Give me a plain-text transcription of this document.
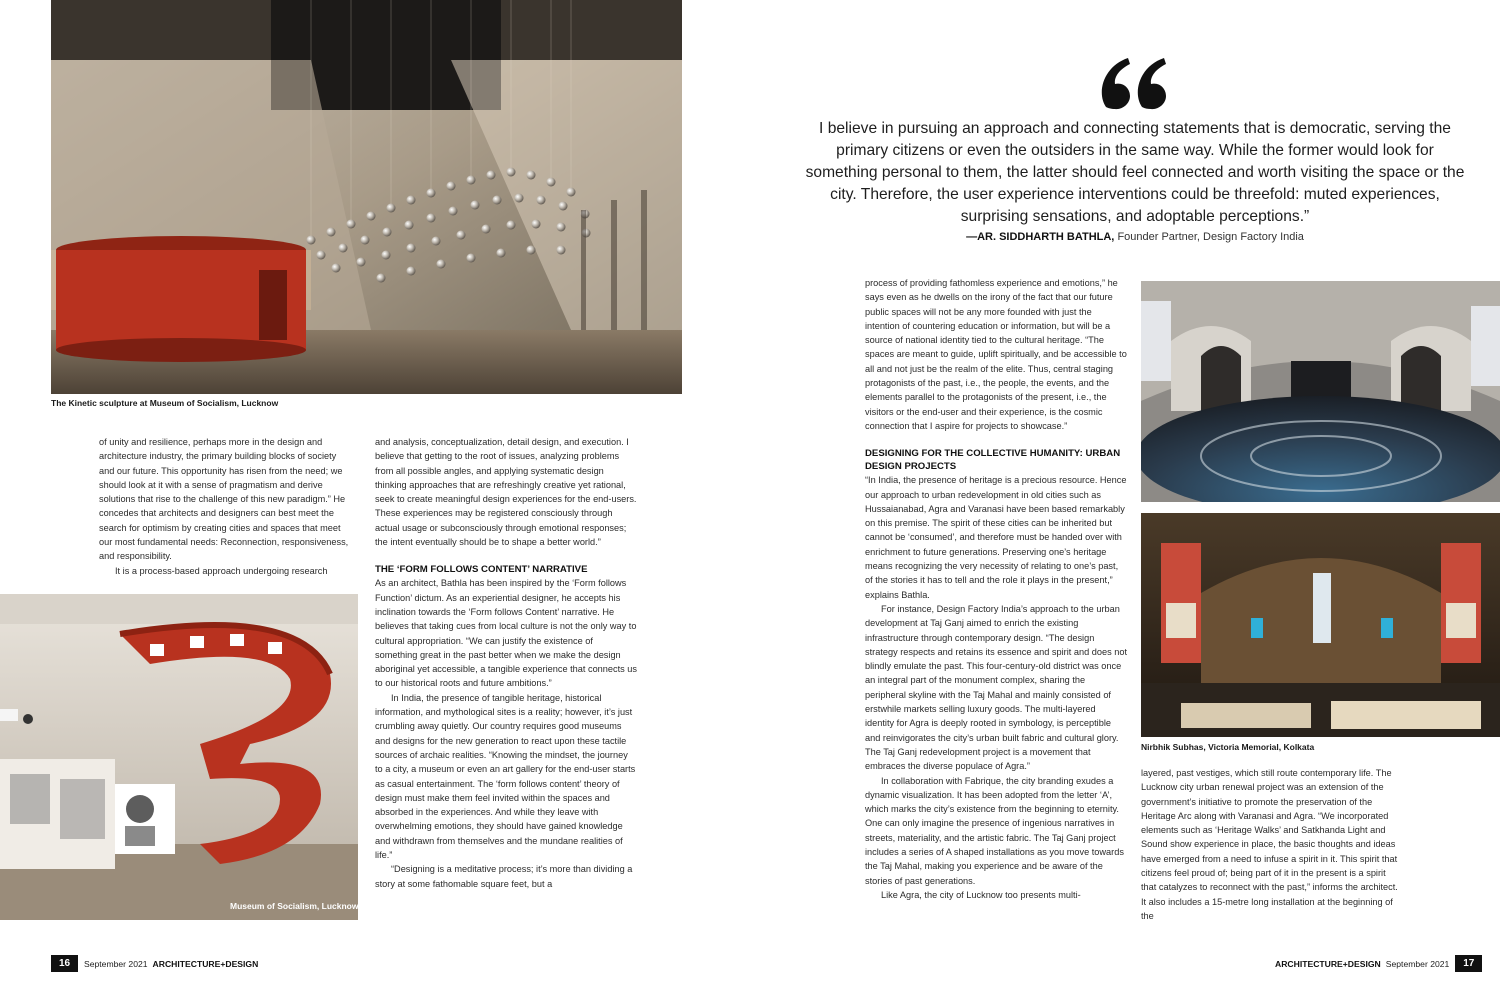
The Kinetic sculpture at Museum of Socialism, Lucknow

of unity and resilience, perhaps more in the design and architecture industry, the primary building blocks of society and our future. This opportunity has risen from the need; we should look at it with a sense of pragmatism and derive solutions that rise to the challenge of this new paradigm.” He concedes that architects and designers can best meet the search for optimism by creating cities and spaces that meet our most fundamental needs: Reconnection, responsiveness, and responsibility.

It is a process-based approach undergoing research

Museum of Socialism, Lucknow

and analysis, conceptualization, detail design, and execution. I believe that getting to the root of issues, analyzing problems from all possible angles, and applying systematic design thinking approaches that are refreshingly creative yet rational, seek to create meaningful design experiences for the end-users. These experiences may be registered consciously through actual usage or subconsciously through emotional responses; the intent eventually should be to shape a better world.”

THE ‘FORM FOLLOWS CONTENT’ NARRATIVE

As an architect, Bathla has been inspired by the ‘Form follows Function’ dictum. As an experiential designer, he accepts his inclination towards the ‘Form follows Content’ narrative. He believes that taking cues from local culture is not the only way to cultural appropriation. “We can justify the existence of something great in the past better when we make the design aboriginal yet accessible, a tangible experience that connects us to our historical roots and future ambitions.”

In India, the presence of tangible heritage, historical information, and mythological sites is a reality; however, it’s just crumbling away quietly. Our country requires good museums and designs for the new generation to react upon these tactile sources of archaic realities. “Knowing the mindset, the journey to a city, a museum or even an art gallery for the end-user starts as casual entertainment. The ‘form follows content’ theory of design must make them feel invited within the spaces and absorbed in the experiences. And while they leave with overwhelming emotions, they should have gained knowledge and withdrawn from themselves and the mundane realities of life.”

“Designing is a meditative process; it’s more than dividing a story at some fathomable square feet, but a

16	September 2021 ARCHITECTURE+DESIGN
I believe in pursuing an approach and connecting statements that is democratic, serving the primary citizens or even the outsiders in the same way. While the former would look for something personal to them, the latter should feel connected and worth visiting the space or the city. Therefore, the user experience interventions could be threefold: muted experiences, surprising sensations, and adoptable perceptions.”
—AR. SIDDHARTH BATHLA, Founder Partner, Design Factory India

process of providing fathomless experience and emotions,” he says even as he dwells on the irony of the fact that our future public spaces will not be any more founded with just the intention of countering education or information, but will be a source of national identity tied to the cultural heritage. “The spaces are meant to guide, uplift spiritually, and be accessible to all and not just be the realm of the elite. Thus, central staging protagonists of the past, i.e., the people, the events, and the elements parallel to the protagonists of the present, i.e., the visitors or the end-user and their experience, is the cosmic connection that I aspire for projects to showcase.”

DESIGNING FOR THE COLLECTIVE HUMANITY: URBAN DESIGN PROJECTS

“In India, the presence of heritage is a precious resource. Hence our approach to urban redevelopment in old cities such as Hussaianabad, Agra and Varanasi have been based remarkably on this premise. The spirit of these cities can be inherited but cannot be ‘consumed’, and therefore must be handed over with enrichment to future generations. Preserving one’s heritage means recognizing the very necessity of relating to one’s past, of the stories it has to tell and the role it plays in the present,” explains Bathla.

For instance, Design Factory India’s approach to the urban development at Taj Ganj aimed to enrich the existing infrastructure through contemporary design. “The design strategy respects and retains its essence and spirit and does not blindly emulate the past. This four-century-old district was once an integral part of the monument complex, sharing the peripheral skyline with the Taj Mahal and mainly consisted of erstwhile markets selling luxury goods. The multi-layered identity for Agra is deeply rooted in symbology, is perceptible and reinvigorates the city’s urban built fabric and cultural glory. The Taj Ganj redevelopment project is a movement that embraces the diverse populace of Agra.”

In collaboration with Fabrique, the city branding exudes a dynamic visualization. It has been adopted from the letter ‘A’, which marks the city’s existence from the beginning to eternity. One can only imagine the presence of ingenious narratives in streets, materiality, and the artistic fabric. The Taj Ganj project includes a series of A shaped installations as you move towards the Taj Mahal, making you experience and be aware of the stories of past generations.

Like Agra, the city of Lucknow too presents multi-

Nirbhik Subhas, Victoria Memorial, Kolkata

layered, past vestiges, which still route contemporary life. The Lucknow city urban renewal project was an extension of the government’s initiative to promote the preservation of the Heritage Arc along with Varanasi and Agra. “We incorporated elements such as ‘Heritage Walks’ and Satkhanda Light and Sound show experience in place, the basic thoughts and ideas have emerged from a need to infuse a spirit in it. This spirit that citizens feel proud of; being part of it in the present is a spirit that catalyzes to reconnect with the past,” informs the architect. It also includes a 15-metre long installation at the beginning of the

ARCHITECTURE+DESIGN September 2021	17
